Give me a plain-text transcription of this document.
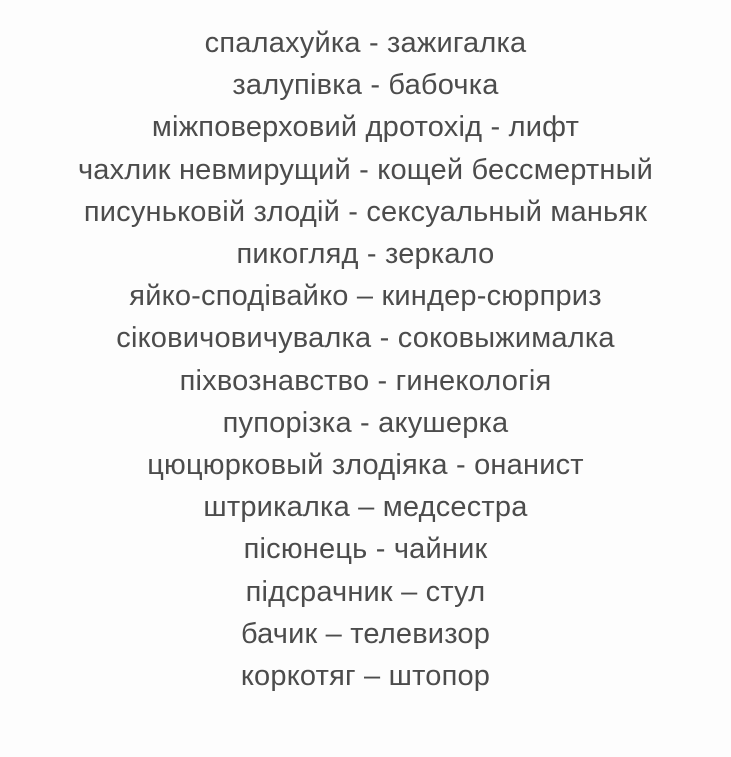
спалахуйка - зажигалка
залупівка - бабочка
міжповерховий дротохід - лифт
чахлик невмирущий - кощей бессмертный
писуньковій злодій - сексуальный маньяк
пикогляд - зеркало
яйко-сподівайко – киндер-сюрприз
сіковичовичувалка - соковыжималка
піхвознавство - гинекологія
пупорізка - акушерка
цюцюрковый злодіяка - онанист
штрикалка – медсестра
пісюнець - чайник
підсрачник – стул
бачик – телевизор
коркотяг – штопор
